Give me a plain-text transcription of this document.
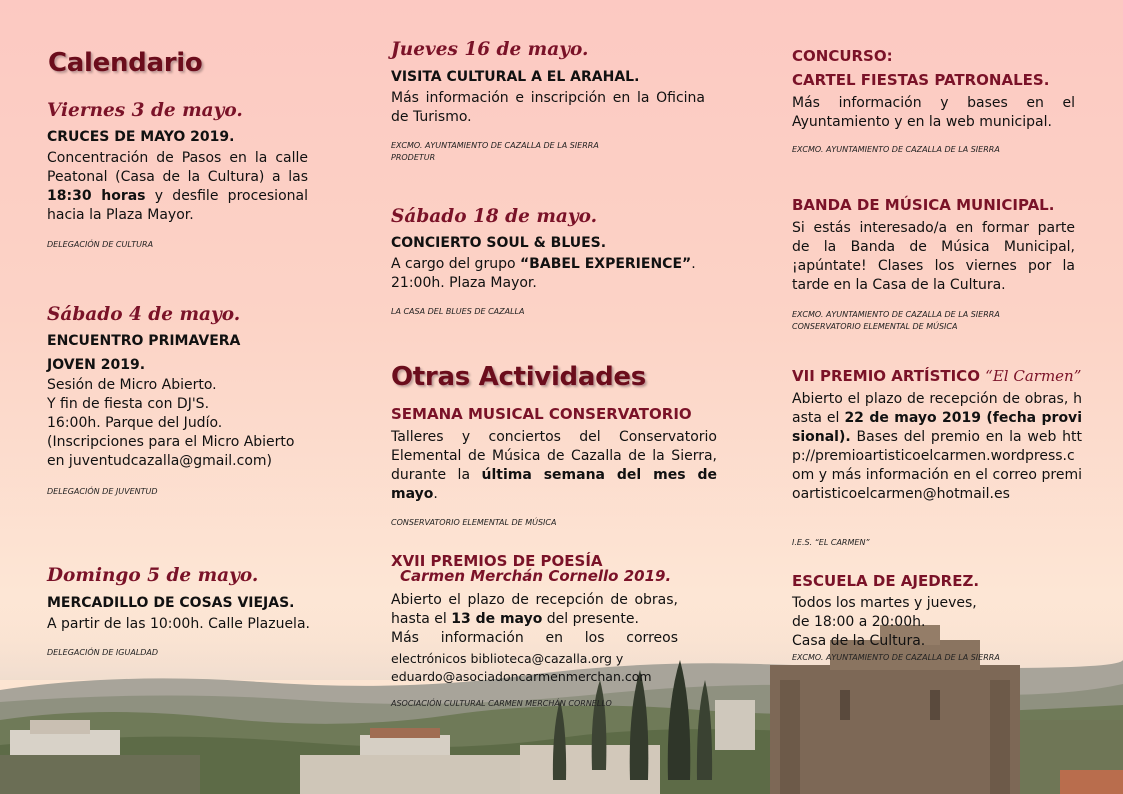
Calendario
Viernes 3 de mayo.
CRUCES DE MAYO 2019.
Concentración de Pasos en la calle Peatonal (Casa de la Cultura) a las 18:30 horas y desfile procesional hacia la Plaza Mayor.
DELEGACIÓN DE CULTURA
Sábado 4 de mayo.
ENCUENTRO PRIMAVERA
JOVEN 2019.
Sesión de Micro Abierto.
Y fin de fiesta con DJ'S.
16:00h. Parque del Judío.
(Inscripciones para el Micro Abierto
en juventudcazalla@gmail.com)
DELEGACIÓN DE JUVENTUD
Domingo 5 de mayo.
MERCADILLO DE COSAS VIEJAS.
A partir de las 10:00h. Calle Plazuela.
DELEGACIÓN DE IGUALDAD
Jueves 16 de mayo.
VISITA CULTURAL A EL ARAHAL.
Más información e inscripción en la Oficina de Turismo.
EXCMO. AYUNTAMIENTO DE CAZALLA DE LA SIERRA
PRODETUR
Sábado 18 de mayo.
CONCIERTO SOUL & BLUES.
A cargo del grupo “BABEL EXPERIENCE”.
21:00h. Plaza Mayor.
LA CASA DEL BLUES DE CAZALLA
Otras Actividades
SEMANA MUSICAL CONSERVATORIO
Talleres y conciertos del Conservatorio Elemental de Música de Cazalla de la Sierra, durante la última semana del mes de mayo.
CONSERVATORIO ELEMENTAL DE MÚSICA
XVII PREMIOS DE POESÍA
Carmen Merchán Cornello 2019.
Abierto el plazo de recepción de obras, hasta el 13 de mayo del presente.
Más información en los correos
electrónicos biblioteca@cazalla.org y
eduardo@asociadoncarmenmerchan.com
ASOCIACIÓN CULTURAL CARMEN MERCHÁN CORNELLO
CONCURSO:
CARTEL FIESTAS PATRONALES.
Más información y bases en el Ayuntamiento y en la web municipal.
EXCMO. AYUNTAMIENTO DE CAZALLA DE LA SIERRA
BANDA DE MÚSICA MUNICIPAL.
Si estás interesado/a en formar parte de la Banda de Música Municipal, ¡apúntate! Clases los viernes por la tarde en la Casa de la Cultura.
EXCMO. AYUNTAMIENTO DE CAZALLA DE LA SIERRA
CONSERVATORIO ELEMENTAL DE MÚSICA
VII PREMIO ARTÍSTICO “El Carmen”
Abierto el plazo de recepción de obras, hasta el 22 de mayo 2019 (fecha provisional). Bases del premio en la web http://premioartisticoelcarmen.wordpress.com y más información en el correo premioartisticoelcarmen@hotmail.es
I.E.S. “EL CARMEN”
ESCUELA DE AJEDREZ.
Todos los martes y jueves,
de 18:00 a 20:00h.
Casa de la Cultura.
EXCMO. AYUNTAMIENTO DE CAZALLA DE LA SIERRA
